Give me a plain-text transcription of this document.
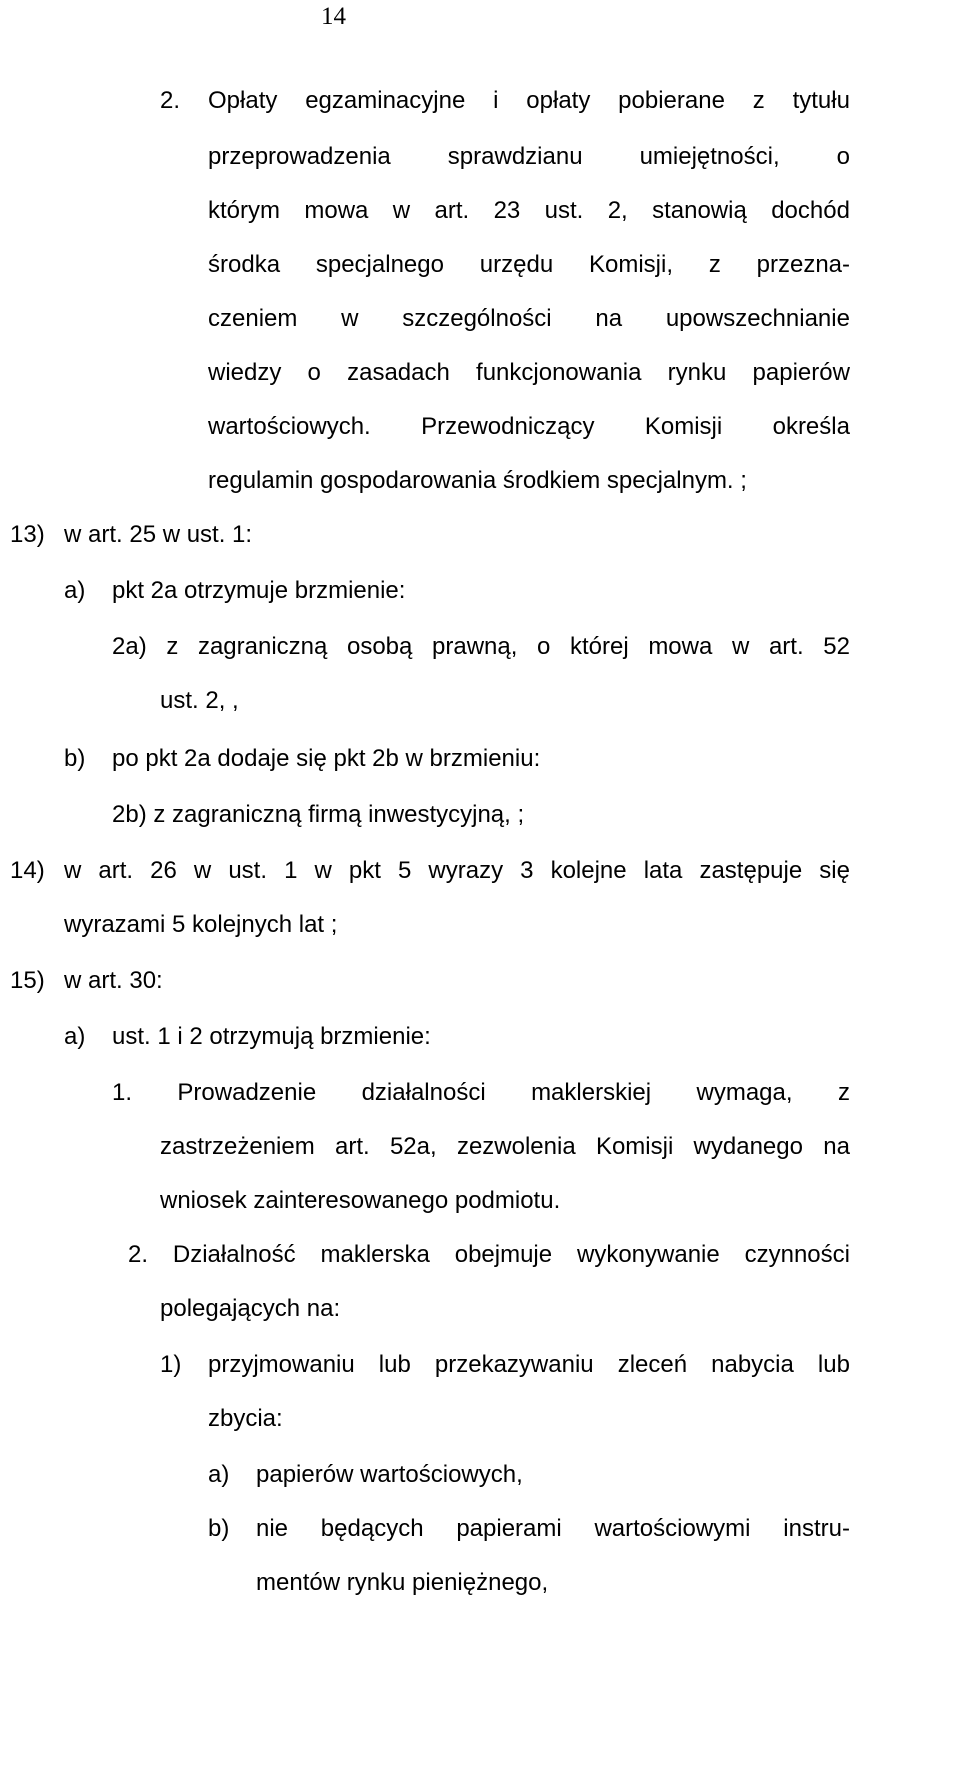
14
2. Opłaty egzaminacyjne i opłaty pobierane z tytułu
przeprowadzenia sprawdzianu umiejętności, o
którym mowa w art. 23 ust. 2, stanowią dochód
środka specjalnego urzędu Komisji, z przezna-
czeniem w szczególności na upowszechnianie
wiedzy o zasadach funkcjonowania rynku papierów
wartościowych. Przewodniczący Komisji określa
regulamin gospodarowania środkiem specjalnym. ;
13) w art. 25 w ust. 1:
a) pkt 2a otrzymuje brzmienie:
2a) z zagraniczną osobą prawną, o której mowa w art. 52
ust. 2, ,
b) po pkt 2a dodaje się pkt 2b w brzmieniu:
2b) z zagraniczną firmą inwestycyjną, ;
14) w art. 26 w ust. 1 w pkt 5 wyrazy 3 kolejne lata zastępuje się
wyrazami 5 kolejnych lat ;
15) w art. 30:
a) ust. 1 i 2 otrzymują brzmienie:
1. Prowadzenie działalności maklerskiej wymaga, z
zastrzeżeniem art. 52a, zezwolenia Komisji wydanego na
wniosek zainteresowanego podmiotu.
2. Działalność maklerska obejmuje wykonywanie czynności
polegających na:
1) przyjmowaniu lub przekazywaniu zleceń nabycia lub
zbycia:
a) papierów wartościowych,
b) nie będących papierami wartościowymi instru-
mentów rynku pieniężnego,
